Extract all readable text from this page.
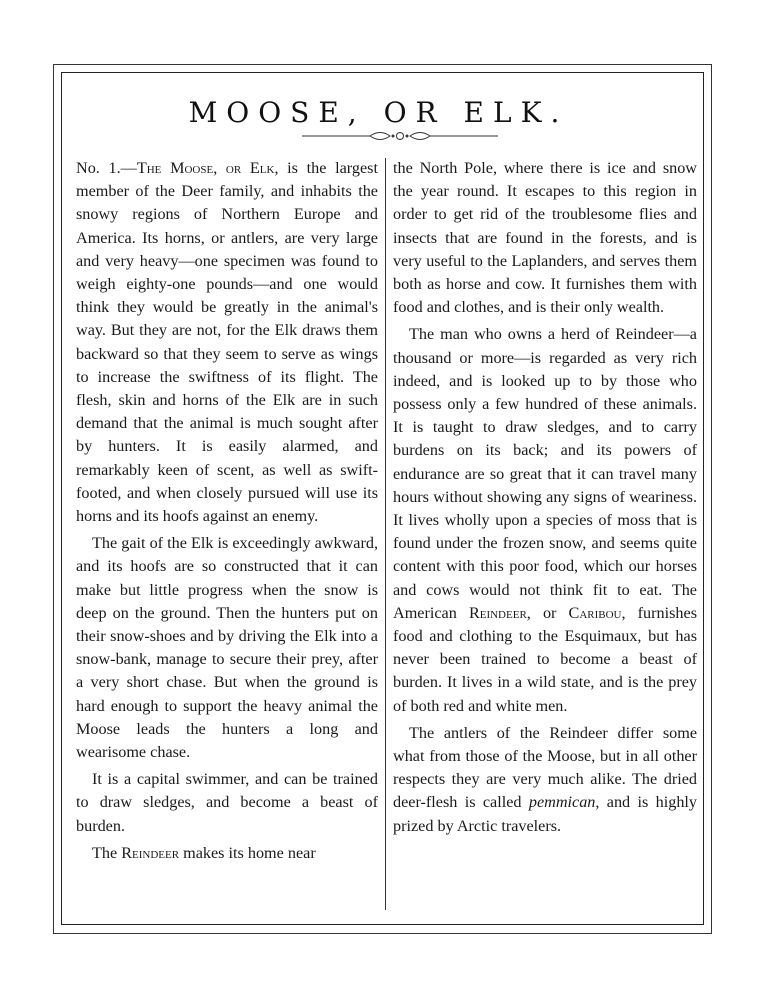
MOOSE, OR ELK.

No. 1.—The Moose, or Elk, is the largest member of the Deer family, and inhabits the snowy regions of Northern Europe and America. Its horns, or antlers, are very large and very heavy—one specimen was found to weigh eighty-one pounds—and one would think they would be greatly in the animal's way. But they are not, for the Elk draws them backward so that they seem to serve as wings to increase the swiftness of its flight. The flesh, skin and horns of the Elk are in such demand that the animal is much sought after by hunters. It is easily alarmed, and remarkably keen of scent, as well as swift-footed, and when closely pursued will use its horns and its hoofs against an enemy.

The gait of the Elk is exceedingly awkward, and its hoofs are so constructed that it can make but little progress when the snow is deep on the ground. Then the hunters put on their snow-shoes and by driving the Elk into a snow-bank, manage to secure their prey, after a very short chase. But when the ground is hard enough to support the heavy animal the Moose leads the hunters a long and wearisome chase.

It is a capital swimmer, and can be trained to draw sledges, and become a beast of burden.

The Reindeer makes its home near

the North Pole, where there is ice and snow the year round. It escapes to this region in order to get rid of the troublesome flies and insects that are found in the forests, and is very useful to the Laplanders, and serves them both as horse and cow. It furnishes them with food and clothes, and is their only wealth.

The man who owns a herd of Reindeer—a thousand or more—is regarded as very rich indeed, and is looked up to by those who possess only a few hundred of these animals. It is taught to draw sledges, and to carry burdens on its back; and its powers of endurance are so great that it can travel many hours without showing any signs of weariness. It lives wholly upon a species of moss that is found under the frozen snow, and seems quite content with this poor food, which our horses and cows would not think fit to eat. The American Reindeer, or Caribou, furnishes food and clothing to the Esquimaux, but has never been trained to become a beast of burden. It lives in a wild state, and is the prey of both red and white men.

The antlers of the Reindeer differ some what from those of the Moose, but in all other respects they are very much alike. The dried deer-flesh is called pemmican, and is highly prized by Arctic travelers.
